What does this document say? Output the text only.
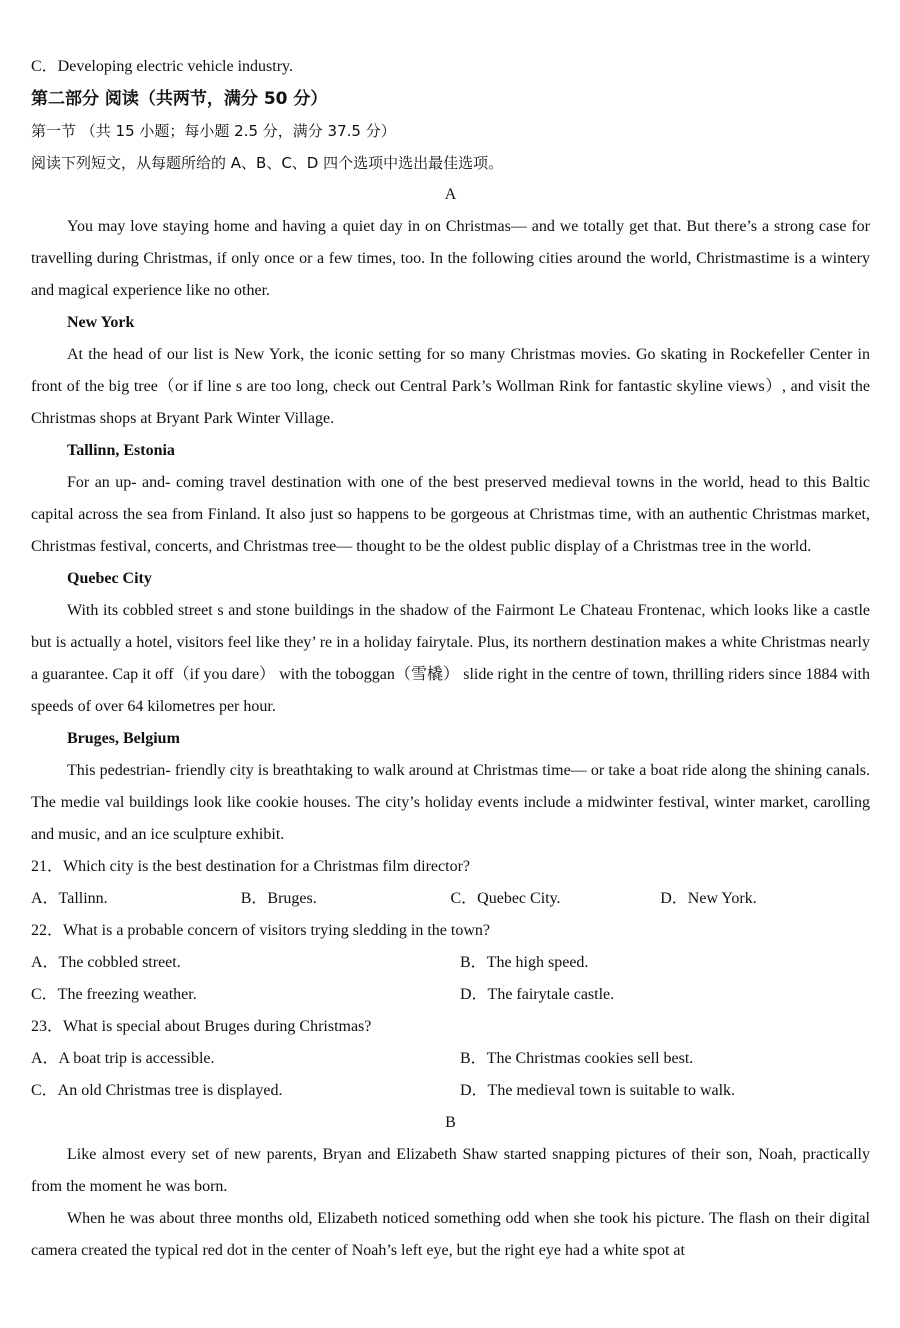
C．Developing electric vehicle industry.
第二部分 阅读（共两节，满分 50 分）
第一节 （共 15 小题；每小题 2.5 分，满分 37.5 分）
阅读下列短文，从每题所给的 A、B、C、D 四个选项中选出最佳选项。
A

You may love staying home and having a quiet day in on Christmas— and we totally get that. But there’s a strong case for travelling during Christmas, if only once or a few times, too. In the following cities around the world, Christmastime is a wintery and magical experience like no other.

New York

At the head of our list is New York, the iconic setting for so many Christmas movies. Go skating in Rockefeller Center in front of the big tree（or if line s are too long, check out Central Park’s Wollman Rink for fantastic skyline views）, and visit the Christmas shops at Bryant Park Winter Village.

Tallinn, Estonia

For an up- and- coming travel destination with one of the best preserved medieval towns in the world, head to this Baltic capital across the sea from Finland. It also just so happens to be gorgeous at Christmas time, with an authentic Christmas market, Christmas festival, concerts, and Christmas tree— thought to be the oldest public display of a Christmas tree in the world.

Quebec City

With its cobbled street s and stone buildings in the shadow of the Fairmont Le Chateau Frontenac, which looks like a castle but is actually a hotel, visitors feel like they’ re in a holiday fairytale. Plus, its northern destination makes a white Christmas nearly a guarantee. Cap it off（if you dare） with the toboggan（雪橇） slide right in the centre of town, thrilling riders since 1884 with speeds of over 64 kilometres per hour.

Bruges, Belgium

This pedestrian- friendly city is breathtaking to walk around at Christmas time— or take a boat ride along the shining canals. The medie val buildings look like cookie houses. The city’s holiday events include a midwinter festival, winter market, carolling and music, and an ice sculpture exhibit.

21．Which city is the best destination for a Christmas film director?
A．Tallinn.	B．Bruges.	C．Quebec City.	D．New York.
22．What is a probable concern of visitors trying sledding in the town?
A．The cobbled street.	B．The high speed.
C．The freezing weather.	D．The fairytale castle.
23．What is special about Bruges during Christmas?
A．A boat trip is accessible.	B．The Christmas cookies sell best.
C．An old Christmas tree is displayed.	D．The medieval town is suitable to walk.
B

Like almost every set of new parents, Bryan and Elizabeth Shaw started snapping pictures of their son, Noah, practically from the moment he was born.

When he was about three months old, Elizabeth noticed something odd when she took his picture. The flash on their digital camera created the typical red dot in the center of Noah’s left eye, but the right eye had a white spot at
